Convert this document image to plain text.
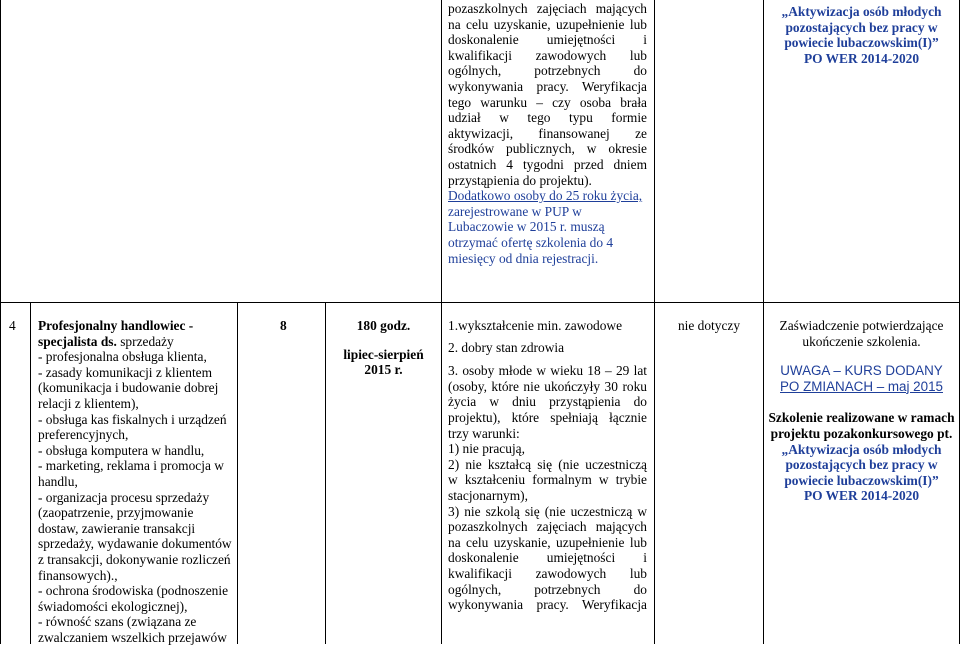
pozaszkolnych zajęciach mających
na celu uzyskanie, uzupełnienie lub
doskonalenie umiejętności i
kwalifikacji zawodowych lub
ogólnych, potrzebnych do
wykonywania pracy. Weryfikacja
tego warunku – czy osoba brała
udział w tego typu formie
aktywizacji, finansowanej ze
środków publicznych, w okresie
ostatnich 4 tygodni przed dniem
przystąpienia do projektu).
Dodatkowo osoby do 25 roku życia,
zarejestrowane w PUP w
Lubaczowie w 2015 r. muszą
otrzymać ofertę szkolenia do 4
miesięcy od dnia rejestracji.
„Aktywizacja osób młodych
pozostających bez pracy w
powiecie lubaczowskim(I)”
PO WER 2014-2020
4 Profesjonalny handlowiec -
specjalista ds. sprzedaży
- profesjonalna obsługa klienta,
- zasady komunikacji z klientem
(komunikacja i budowanie dobrej
relacji z klientem),
- obsługa kas fiskalnych i urządzeń
preferencyjnych,
- obsługa komputera w handlu,
- marketing, reklama i promocja w
handlu,
- organizacja procesu sprzedaży
(zaopatrzenie, przyjmowanie
dostaw, zawieranie transakcji
sprzedaży, wydawanie dokumentów
z transakcji, dokonywanie rozliczeń
finansowych).,
- ochrona środowiska (podnoszenie
świadomości ekologicznej),
- równość szans (związana ze
zwalczaniem wszelkich przejawów
8	180 godz.
lipiec-sierpień
2015 r.
1.wykształcenie min. zawodowe
2. dobry stan zdrowia
3. osoby młode w wieku 18 – 29 lat
(osoby, które nie ukończyły 30 roku
życia w dniu przystąpienia do
projektu), które spełniają łącznie
trzy warunki:
1) nie pracują,
2) nie kształcą się (nie uczestniczą
w kształceniu formalnym w trybie
stacjonarnym),
3) nie szkolą się (nie uczestniczą w
pozaszkolnych zajęciach mających
na celu uzyskanie, uzupełnienie lub
doskonalenie umiejętności i
kwalifikacji zawodowych lub
ogólnych, potrzebnych do
wykonywania pracy. Weryfikacja
nie dotyczy	Zaświadczenie potwierdzające
ukończenie szkolenia.
UWAGA – KURS DODANY
PO ZMIANACH – maj 2015
Szkolenie realizowane w ramach
projektu pozakonkursowego pt.
„Aktywizacja osób młodych
pozostających bez pracy w
powiecie lubaczowskim(I)”
PO WER 2014-2020
